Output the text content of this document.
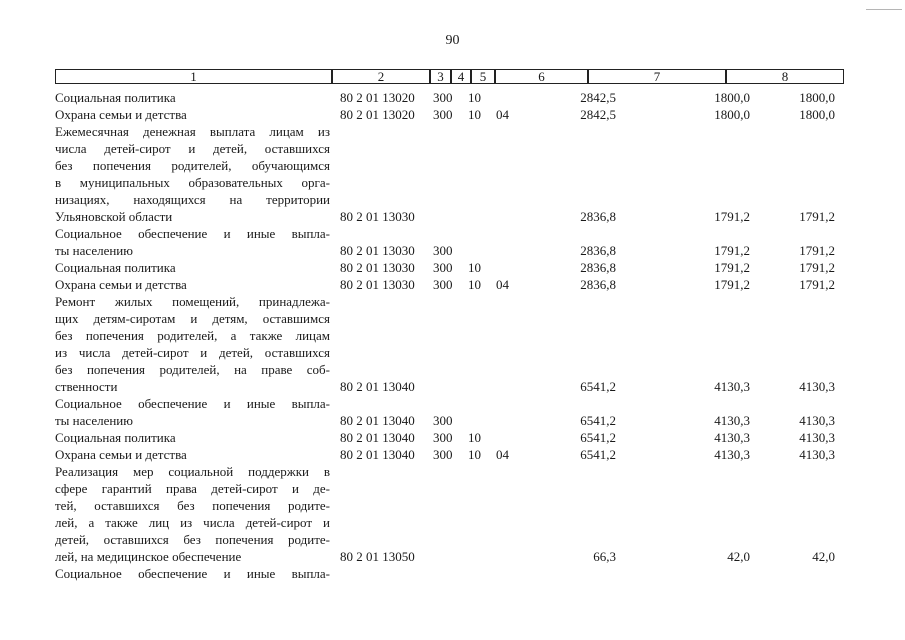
90
1	2	3	4	5	6	7	8
Социальная политика	80 2 01 13020 300 10	2842,5	1800,0	1800,0
Охрана семьи и детства	80 2 01 13020 300 10 04	2842,5	1800,0	1800,0
Ежемесячная денежная выплата лицам из
числа детей-сирот и детей, оставшихся
без попечения родителей, обучающимся
в муниципальных образовательных орга-
низациях, находящихся на территории
Ульяновской области	80 2 01 13030	2836,8	1791,2	1791,2
Социальное обеспечение и иные выпла-
ты населению	80 2 01 13030 300	2836,8	1791,2	1791,2
Социальная политика	80 2 01 13030 300 10	2836,8	1791,2	1791,2
Охрана семьи и детства	80 2 01 13030 300 10 04	2836,8	1791,2	1791,2
Ремонт жилых помещений, принадлежа-
щих детям-сиротам и детям, оставшимся
без попечения родителей, а также лицам
из числа детей-сирот и детей, оставшихся
без попечения родителей, на праве соб-
ственности	80 2 01 13040	6541,2	4130,3	4130,3
Социальное обеспечение и иные выпла-
ты населению	80 2 01 13040 300	6541,2	4130,3	4130,3
Социальная политика	80 2 01 13040 300 10	6541,2	4130,3	4130,3
Охрана семьи и детства	80 2 01 13040 300 10 04	6541,2	4130,3	4130,3
Реализация мер социальной поддержки в
сфере гарантий права детей-сирот и де-
тей, оставшихся без попечения родите-
лей, а также лиц из числа детей-сирот и
детей, оставшихся без попечения родите-
лей, на медицинское обеспечение	80 2 01 13050	66,3	42,0	42,0
Социальное обеспечение и иные выпла-
